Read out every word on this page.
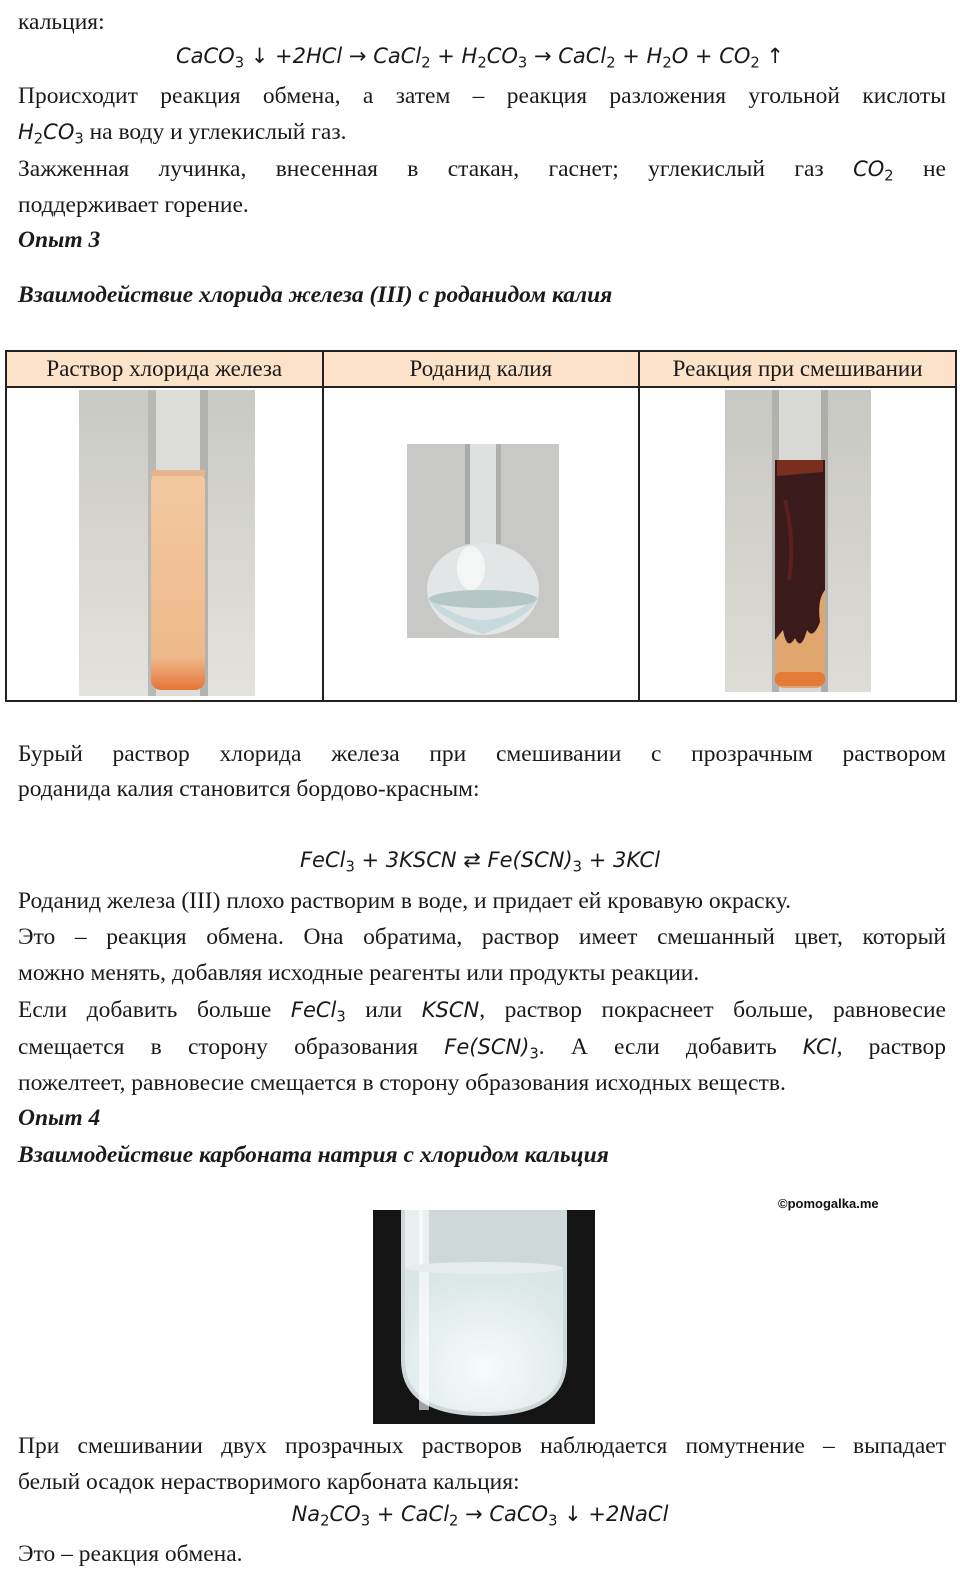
кальция:

CaCO$_3$ ↓ +2HCl → CaCl$_2$ + $H_2CO_3$ → CaCl$_2$ + $H_2O + CO_2$ ↑

Происходит реакция обмена, а затем – реакция разложения угольной кислоты

$H_2CO_3$ на воду и углекислый газ.

Зажженная лучинка, внесенная в стакан, гаснет; углекислый газ $CO_2$ не

поддерживает горение.

Опыт 3

Взаимодействие хлорида железа (III) с роданидом калия

Раствор хлорида железа	Роданид калия	Реакция при смешивании

Бурый раствор хлорида железа при смешивании с прозрачным раствором

роданида калия становится бордово-красным:

FeCl$_3$ + 3KSCN ⇄ $Fe(SCN)_3 + 3KCl$

Роданид железа (III) плохо растворим в воде, и придает ей кровавую окраску.

Это – реакция обмена. Она обратима, раствор имеет смешанный цвет, который

можно менять, добавляя исходные реагенты или продукты реакции.

Если добавить больше FeCl$_3$ или KSCN, раствор покраснеет больше, равновесие

смещается в сторону образования $Fe(SCN)_3$. А если добавить KCl, раствор

пожелтеет, равновесие смещается в сторону образования исходных веществ.

Опыт 4

Взаимодействие карбоната натрия с хлоридом кальция

©pomogalka.me

При смешивании двух прозрачных растворов наблюдается помутнение – выпадает

белый осадок нерастворимого карбоната кальция:

$Na_2CO_3$ + CaCl$_2$ → CaCO$_3$ ↓ +2NaCl

Это – реакция обмена.
